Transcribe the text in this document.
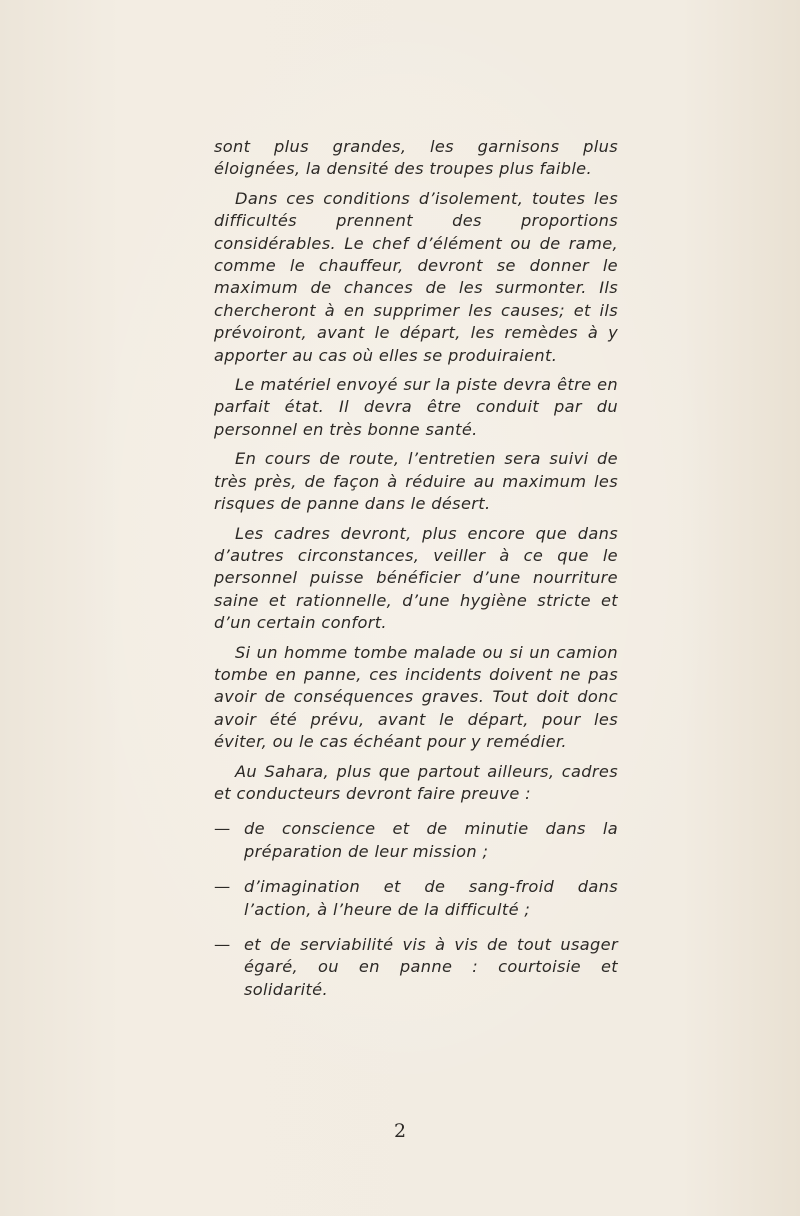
sont plus grandes, les garnisons plus éloignées, la densité des troupes plus faible.

Dans ces conditions d’isolement, toutes les difficultés prennent des proportions considérables. Le chef d’élément ou de rame, comme le chauffeur, devront se donner le maximum de chances de les surmonter. Ils chercheront à en supprimer les causes; et ils prévoiront, avant le départ, les remèdes à y apporter au cas où elles se produiraient.

Le matériel envoyé sur la piste devra être en parfait état. Il devra être conduit par du personnel en très bonne santé.

En cours de route, l’entretien sera suivi de très près, de façon à réduire au maximum les risques de panne dans le désert.

Les cadres devront, plus encore que dans d’autres circonstances, veiller à ce que le personnel puisse bénéficier d’une nourriture saine et rationnelle, d’une hygiène stricte et d’un certain confort.

Si un homme tombe malade ou si un camion tombe en panne, ces incidents doivent ne pas avoir de conséquences graves. Tout doit donc avoir été prévu, avant le départ, pour les éviter, ou le cas échéant pour y remédier.

Au Sahara, plus que partout ailleurs, cadres et conducteurs devront faire preuve :

— de conscience et de minutie dans la préparation de leur mission ;
— d’imagination et de sang-froid dans l’action, à l’heure de la difficulté ;
— et de serviabilité vis à vis de tout usager égaré, ou en panne : courtoisie et solidarité.
2
